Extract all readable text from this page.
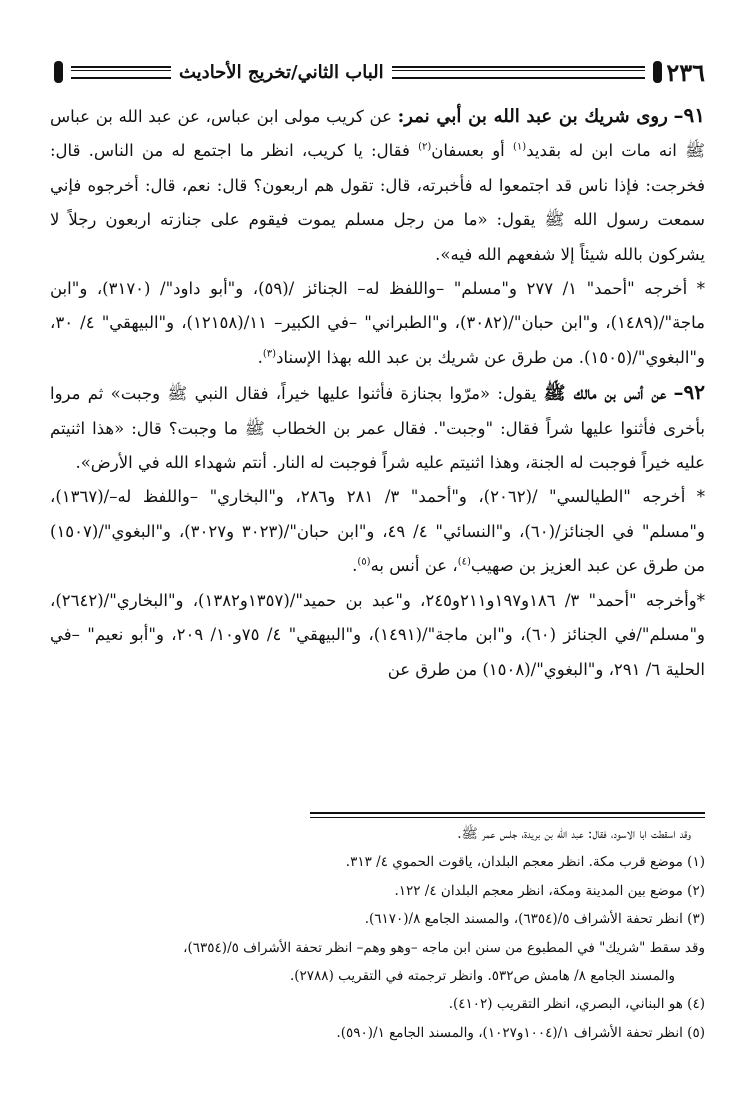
٢٣٦
الباب الثاني/تخريج الأحاديث

٩١– روى شريك بن عبد الله بن أبي نمر: عن كريب مولى ابن عباس، عن عبد الله بن عباس ﷺ انه مات ابن له بقديد$^{(١)}$ أو بعسفان$^{(٢)}$ فقال: يا كريب، انظر ما اجتمع له من الناس. قال: فخرجت: فإذا ناس قد اجتمعوا له فأخبرته، قال: تقول هم اربعون؟ قال: نعم، قال: أخرجوه فإني سمعت رسول الله ﷺ يقول: «ما من رجل مسلم يموت فيقوم على جنازته اربعون رجلاً لا يشركون بالله شيئاً إلا شفعهم الله فيه».

* أخرجه "أحمد" ١/ ٢٧٧ و"مسلم" –واللفظ له– الجنائز /(٥٩)، و"أبو داود"/ (٣١٧٠)، و"ابن ماجة"/(١٤٨٩)، و"ابن حبان"/(٣٠٨٢)، و"الطبراني" –في الكبير– ١١/(١٢١٥٨)، و"البيهقي" ٤/ ٣٠، و"البغوي"/(١٥٠٥). من طرق عن شريك بن عبد الله بهذا الإسناد$^{(٣)}$.

٩٢– عن أنس بن مالك ﷺ يقول: «مرّوا بجنازة فأثنوا عليها خيراً، فقال النبي ﷺ وجبت» ثم مروا بأخرى فأثنوا عليها شراً فقال: "وجبت". فقال عمر بن الخطاب ﷺ ما وجبت؟ قال: «هذا اثنيتم عليه خيراً فوجبت له الجنة، وهذا اثنيتم عليه شراً فوجبت له النار. أنتم شهداء الله في الأرض».

* أخرجه "الطيالسي" /(٢٠٦٢)، و"أحمد" ٣/ ٢٨١ و٢٨٦، و"البخاري" –واللفظ له–/(١٣٦٧)، و"مسلم" في الجنائز/(٦٠)، و"النسائي" ٤/ ٤٩، و"ابن حبان"/(٣٠٢٣ و٣٠٢٧)، و"البغوي"/(١٥٠٧) من طرق عن عبد العزيز بن صهيب$^{(٤)}$، عن أنس به$^{(٥)}$.

*وأخرجه "أحمد" ٣/ ١٨٦و١٩٧و٢١١و٢٤٥، و"عبد بن حميد"/(١٣٥٧و١٣٨٢)، و"البخاري"/(٢٦٤٢)، و"مسلم"/في الجنائز (٦٠)، و"ابن ماجة"/(١٤٩١)، و"البيهقي" ٤/ ٧٥و١٠/ ٢٠٩، و"أبو نعيم" –في الحلية ٦/ ٢٩١، و"البغوي"/(١٥٠٨) من طرق عن

وقد اسقطت ابا الاسود، فقال: عبد الله بن بريدة، جلس عمر ﷺ.

(١) موضع قرب مكة. انظر معجم البلدان، ياقوت الحموي ٤/ ٣١٣.

(٢) موضع بين المدينة ومكة، انظر معجم البلدان ٤/ ١٢٢.

(٣) انظر تحفة الأشراف ٥/(٦٣٥٤)، والمسند الجامع ٨/(٦١٧٠).

وقد سقط "شريك" في المطبوع من سنن ابن ماجه –وهو وهم– انظر تحفة الأشراف ٥/(٦٣٥٤)،

والمسند الجامع ٨/ هامش ص٥٣٢. وانظر ترجمته في التقريب (٢٧٨٨).

(٤) هو البناني، البصري، انظر التقريب (٤١٠٢).

(٥) انظر تحفة الأشراف ١/(١٠٠٤و١٠٢٧)، والمسند الجامع ١/(٥٩٠).
